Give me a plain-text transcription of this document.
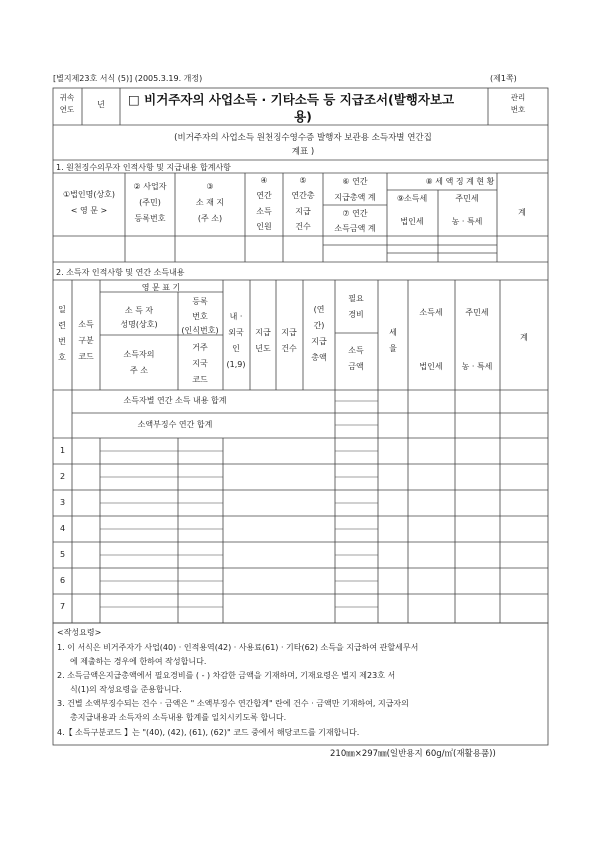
[별지제23호 서식 (5)] (2005.3.19. 개정)	(제1쪽)
귀속
연도
년 □ 비거주자의 사업소득 · 기타소득 등 지급조서(발행자보고
용)
관리
번호
(비거주자의 사업소득 원천징수영수증 발행자 보관용 소득자별 연간집
계표 )
1. 원천징수의무자 인적사항 및 지급내용 합계사항
①법인명(상호)
< 영 문 >
② 사업자
(주민)
등록번호
③
소 재 지
(주 소)
④
연간
소득
인원
⑤
연간총
지급
건수
⑥ 연간
지급총액 계
⑦ 연간
소득금액 계
⑧ 세 액 징 계 현 황
⑨소득세
법인세
주민세
농 · 특세
계
2. 소득자 인적사항 및 연간 소득내용
일
련
번
호
소득
구분
코드
영 문 표 기
소 득 자
성명(상호)
등록
번호
(인식번호)
소득자의
주 소
거주
지국
코드
내 ·
외국
인
(1,9)
지급
년도
지급
건수
(연
간)
지급
총액
필요
경비
소득
금액
세
율
소득세
법인세
주민세
농 · 특세
계
소득자별 연간 소득 내용 합계
소액부징수 연간 합계
1
2
3
4
5
6
7
<작성요령>
1. 이 서식은 비거주자가 사업(40) · 인적용역(42) · 사용료(61) · 기타(62) 소득을 지급하여 관할세무서
에 제출하는 경우에 한하여 작성합니다.
2. 소득금액은지급총액에서 필요경비를 ( - ) 차감한 금액을 기재하며, 기재요령은 별지 제23호 서
식(1)의 작성요령을 준용합니다.
3. 건별 소액부징수되는 건수 · 금액은 " 소액부징수 연간합계" 란에 건수 · 금액만 기재하여, 지급자의
총지급내용과 소득자의 소득내용 합계를 일치시키도록 합니다.
4.【 소득구분코드 】는 "(40), (42), (61), (62)" 코드 중에서 해당코드를 기재합니다.
210㎜×297㎜(일반용지 60g/㎡(재활용품))
